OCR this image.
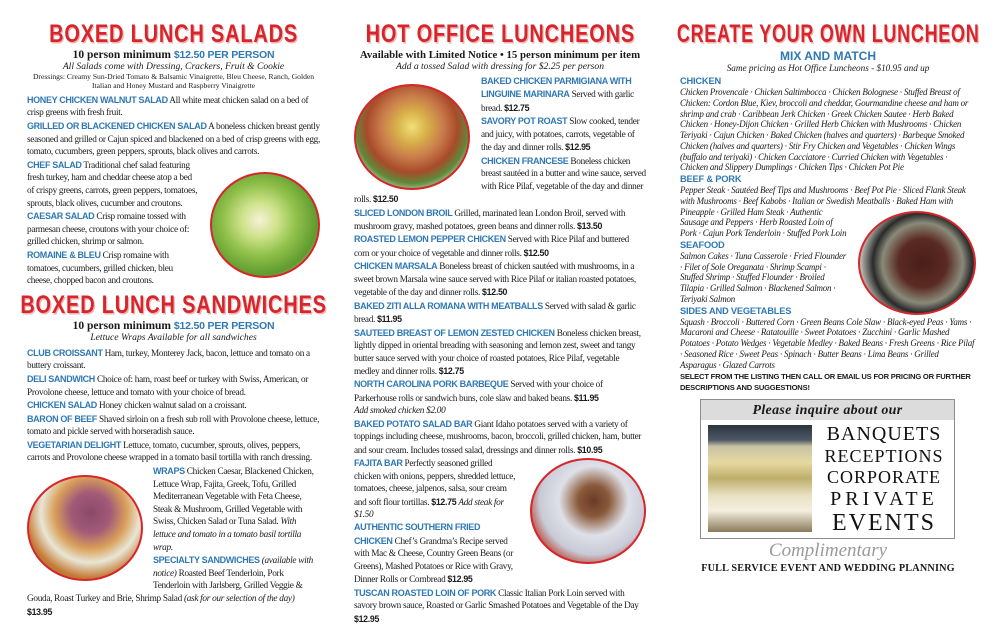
BOXED LUNCH SALADS
10 person minimum $12.50 PER PERSON
All Salads come with Dressing, Crackers, Fruit & Cookie
Dressings: Creamy Sun-Dried Tomato & Balsamic Vinaigrette, Bleu Cheese, Ranch, Golden Italian and Honey Mustard and Raspberry Vinaigrette
HONEY CHICKEN WALNUT SALAD All white meat chicken salad on a bed of crisp greens with fresh fruit.
GRILLED OR BLACKENED CHICKEN SALAD A boneless chicken breast gently seasoned and grilled or Cajun spiced and blackened on a bed of crisp greens with egg, tomato, cucumbers, green peppers, sprouts, black olives and carrots.
CHEF SALAD Traditional chef salad featuring fresh turkey, ham and cheddar cheese atop a bed of crispy greens, carrots, green peppers, tomatoes, sprouts, black olives, cucumber and croutons.
CAESAR SALAD Crisp romaine tossed with parmesan cheese, croutons with your choice of: grilled chicken, shrimp or salmon.
ROMAINE & BLEU Crisp romaine with tomatoes, cucumbers, grilled chicken, bleu cheese, chopped bacon and croutons.
BOXED LUNCH SANDWICHES
10 person minimum $12.50 PER PERSON
Lettuce Wraps Available for all sandwiches
CLUB CROISSANT Ham, turkey, Monterey Jack, bacon, lettuce and tomato on a buttery croissant.
DELI SANDWICH Choice of: ham, roast beef or turkey with Swiss, American, or Provolone cheese, lettuce and tomato with your choice of bread.
CHICKEN SALAD Honey chicken walnut salad on a croissant.
BARON OF BEEF Shaved sirloin on a fresh sub roll with Provolone cheese, lettuce, tomato and pickle served with horseradish sauce.
VEGETARIAN DELIGHT Lettuce, tomato, cucumber, sprouts, olives, peppers, carrots and Provolone cheese wrapped in a tomato basil tortilla with ranch dressing.
WRAPS Chicken Caesar, Blackened Chicken, Lettuce Wrap, Fajita, Greek, Tofu, Grilled Mediterranean Vegetable with Feta Cheese, Steak & Mushroom, Grilled Vegetable with Swiss, Chicken Salad or Tuna Salad. With lettuce and tomato in a tomato basil tortilla wrap.
SPECIALTY SANDWICHES (available with notice) Roasted Beef Tenderloin, Pork Tenderloin with Jarlsberg, Grilled Veggie & Gouda, Roast Turkey and Brie, Shrimp Salad (ask for our selection of the day) $13.95
HOT OFFICE LUNCHEONS
Available with Limited Notice • 15 person minimum per item
Add a tossed Salad with dressing for $2.25 per person
BAKED CHICKEN PARMIGIANA WITH LINGUINE MARINARA Served with garlic bread. $12.75
SAVORY POT ROAST Slow cooked, tender and juicy, with potatoes, carrots, vegetable of the day and dinner rolls. $12.95
CHICKEN FRANCESE Boneless chicken breast sautéed in a butter and wine sauce, served with Rice Pilaf, vegetable of the day and dinner rolls. $12.50
SLICED LONDON BROIL Grilled, marinated lean London Broil, served with mushroom gravy, mashed potatoes, green beans and dinner rolls. $13.50
ROASTED LEMON PEPPER CHICKEN Served with Rice Pilaf and buttered corn or your choice of vegetable and dinner rolls. $12.50
CHICKEN MARSALA Boneless breast of chicken sautéed with mushrooms, in a sweet brown Marsala wine sauce served with Rice Pilaf or italian roasted potatoes, vegetable of the day and dinner rolls. $12.50
BAKED ZITI ALLA ROMANA WITH MEATBALLS Served with salad & garlic bread. $11.95
SAUTEED BREAST OF LEMON ZESTED CHICKEN Boneless chicken breast, lightly dipped in oriental breading with seasoning and lemon zest, sweet and tangy butter sauce served with your choice of roasted potatoes, Rice Pilaf, vegetable medley and dinner rolls. $12.75
NORTH CAROLINA PORK BARBEQUE Served with your choice of Parkerhouse rolls or sandwich buns, cole slaw and baked beans. $11.95
Add smoked chicken $2.00
BAKED POTATO SALAD BAR Giant Idaho potatoes served with a variety of toppings including cheese, mushrooms, bacon, broccoli, grilled chicken, ham, butter and sour cream. Includes tossed salad, dressings and dinner rolls. $10.95
FAJITA BAR Perfectly seasoned grilled chicken with onions, peppers, shredded lettuce, tomatoes, cheese, jalpenos, salsa, sour cream and soft flour tortillas. $12.75 Add steak for $1.50
AUTHENTIC SOUTHERN FRIED CHICKEN Chef’s Grandma’s Recipe served with Mac & Cheese, Country Green Beans (or Greens), Mashed Potatoes or Rice with Gravy, Dinner Rolls or Cornbread $12.95
TUSCAN ROASTED LOIN OF PORK Classic Italian Pork Loin served with savory brown sauce, Roasted or Garlic Smashed Potatoes and Vegetable of the Day $12.95
CREATE YOUR OWN LUNCHEON
MIX AND MATCH
Same pricing as Hot Office Luncheons - $10.95 and up
CHICKEN
Chicken Provencale · Chicken Saltimbocca · Chicken Bolognese · Stuffed Breast of Chicken: Cordon Blue, Kiev, broccoli and cheddar, Gourmandine cheese and ham or shrimp and crab · Caribbean Jerk Chicken · Greek Chicken Sautee · Herb Baked Chicken · Honey-Dijon Chicken · Grilled Herb Chicken with Mushrooms · Chicken Teriyaki · Cajun Chicken · Baked Chicken (halves and quarters) · Barbeque Smoked Chicken (halves and quarters) · Stir Fry Chicken and Vegetables · Chicken Wings (buffalo and teriyaki) · Chicken Cacciatore · Curried Chicken with Vegetables · Chicken and Slippery Dumplings · Chicken Tips · Chicken Pot Pie
BEEF & PORK
Pepper Steak · Sautéed Beef Tips and Mushrooms · Beef Pot Pie · Sliced Flank Steak with Mushrooms · Beef Kabobs · Italian or Swedish Meatballs · Baked Ham with Pineapple · Grilled Ham Steak · Authentic Sausage and Peppers · Herb Roasted Loin of Pork · Cajun Pork Tenderloin · Stuffed Pork Loin
SEAFOOD
Salmon Cakes · Tuna Casserole · Fried Flounder · Filet of Sole Oreganata · Shrimp Scampi · Stuffed Shrimp · Stuffed Flounder · Broiled Tilapia · Grilled Salmon · Blackened Salmon · Teriyaki Salmon
SIDES AND VEGETABLES
Squash · Broccoli · Buttered Corn · Green Beans Cole Slaw · Black-eyed Peas · Yams · Macaroni and Cheese · Ratatouille · Sweet Potatoes · Zucchini · Garlic Mashed Potatoes · Potato Wedges · Vegetable Medley · Baked Beans · Fresh Greens · Rice Pilaf · Seasoned Rice · Sweet Peas · Spinach · Butter Beans · Lima Beans · Grilled Asparagus · Glazed Carrots
SELECT FROM THE LISTING THEN CALL OR EMAIL US FOR PRICING OR FURTHER DESCRIPTIONS AND SUGGESTIONS!
Please inquire about our
BANQUETS
RECEPTIONS
CORPORATE
PRIVATE
EVENTS
Complimentary
FULL SERVICE EVENT AND WEDDING PLANNING
